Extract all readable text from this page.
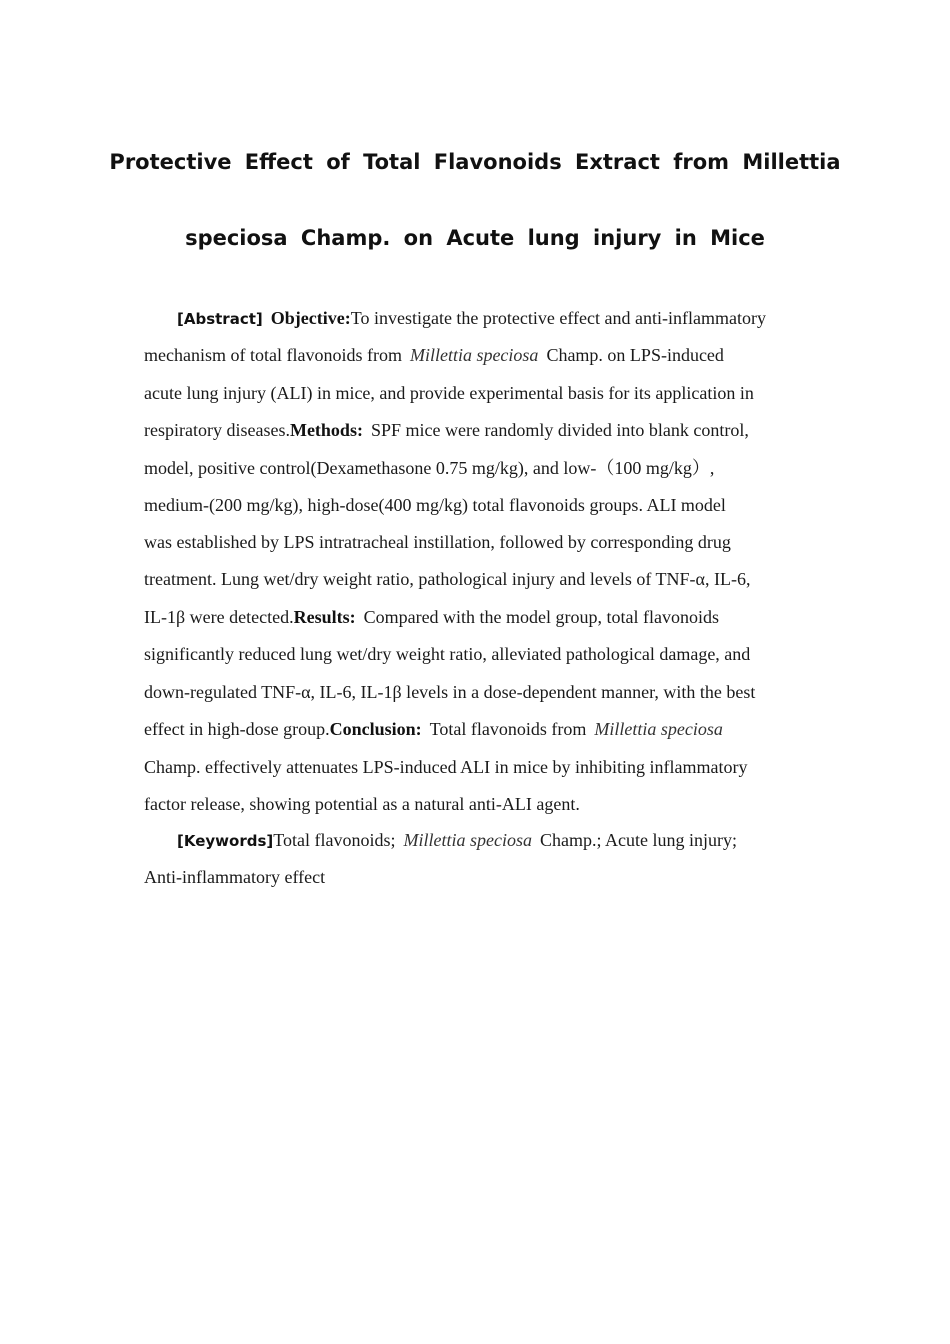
Protective Effect of Total Flavonoids Extract from Millettia
speciosa Champ. on Acute lung injury in Mice
[Abstract] Objective:To investigate the protective effect and anti-inflammatory
mechanism of total flavonoids from Millettia speciosa Champ. on LPS-induced
acute lung injury (ALI) in mice, and provide experimental basis for its application in
respiratory diseases.Methods: SPF mice were randomly divided into blank control,
model, positive control(Dexamethasone 0.75 mg/kg), and low-（100 mg/kg）,
medium-(200 mg/kg), high-dose(400 mg/kg) total flavonoids groups. ALI model
was established by LPS intratracheal instillation, followed by corresponding drug
treatment. Lung wet/dry weight ratio, pathological injury and levels of TNF-α, IL-6,
IL-1β were detected.Results: Compared with the model group, total flavonoids
significantly reduced lung wet/dry weight ratio, alleviated pathological damage, and
down-regulated TNF-α, IL-6, IL-1β levels in a dose-dependent manner, with the best
effect in high-dose group.Conclusion: Total flavonoids from Millettia speciosa
Champ. effectively attenuates LPS-induced ALI in mice by inhibiting inflammatory
factor release, showing potential as a natural anti-ALI agent.
[Keywords]Total flavonoids; Millettia speciosa Champ.; Acute lung injury;
Anti-inflammatory effect
